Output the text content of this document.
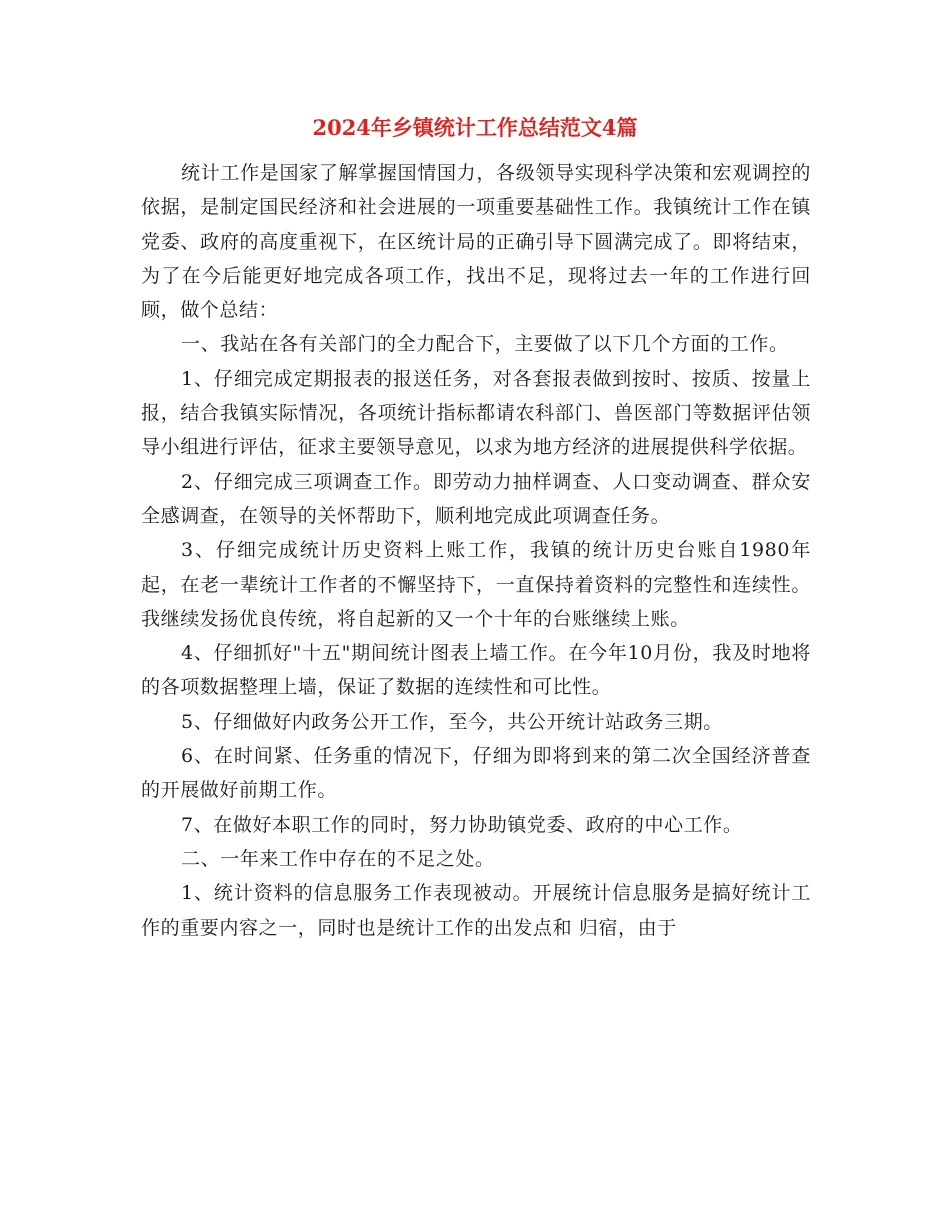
2024年乡镇统计工作总结范文4篇

统计工作是国家了解掌握国情国力，各级领导实现科学决策和宏观调控的依据，是制定国民经济和社会进展的一项重要基础性工作。我镇统计工作在镇党委、政府的高度重视下，在区统计局的正确引导下圆满完成了。即将结束，为了在今后能更好地完成各项工作，找出不足，现将过去一年的工作进行回顾，做个总结：

一、我站在各有关部门的全力配合下，主要做了以下几个方面的工作。

1、仔细完成定期报表的报送任务，对各套报表做到按时、按质、按量上报，结合我镇实际情况，各项统计指标都请农科部门、兽医部门等数据评估领导小组进行评估，征求主要领导意见，以求为地方经济的进展提供科学依据。

2、仔细完成三项调查工作。即劳动力抽样调查、人口变动调查、群众安全感调查，在领导的关怀帮助下，顺利地完成此项调查任务。

3、仔细完成统计历史资料上账工作，我镇的统计历史台账自1980年起，在老一辈统计工作者的不懈坚持下，一直保持着资料的完整性和连续性。我继续发扬优良传统，将自起新的又一个十年的台账继续上账。

4、仔细抓好"十五"期间统计图表上墙工作。在今年10月份，我及时地将的各项数据整理上墙，保证了数据的连续性和可比性。

5、仔细做好内政务公开工作，至今，共公开统计站政务三期。

6、在时间紧、任务重的情况下，仔细为即将到来的第二次全国经济普查的开展做好前期工作。

7、在做好本职工作的同时，努力协助镇党委、政府的中心工作。

二、一年来工作中存在的不足之处。

1、统计资料的信息服务工作表现被动。开展统计信息服务是搞好统计工作的重要内容之一，同时也是统计工作的出发点和 归宿，由于
